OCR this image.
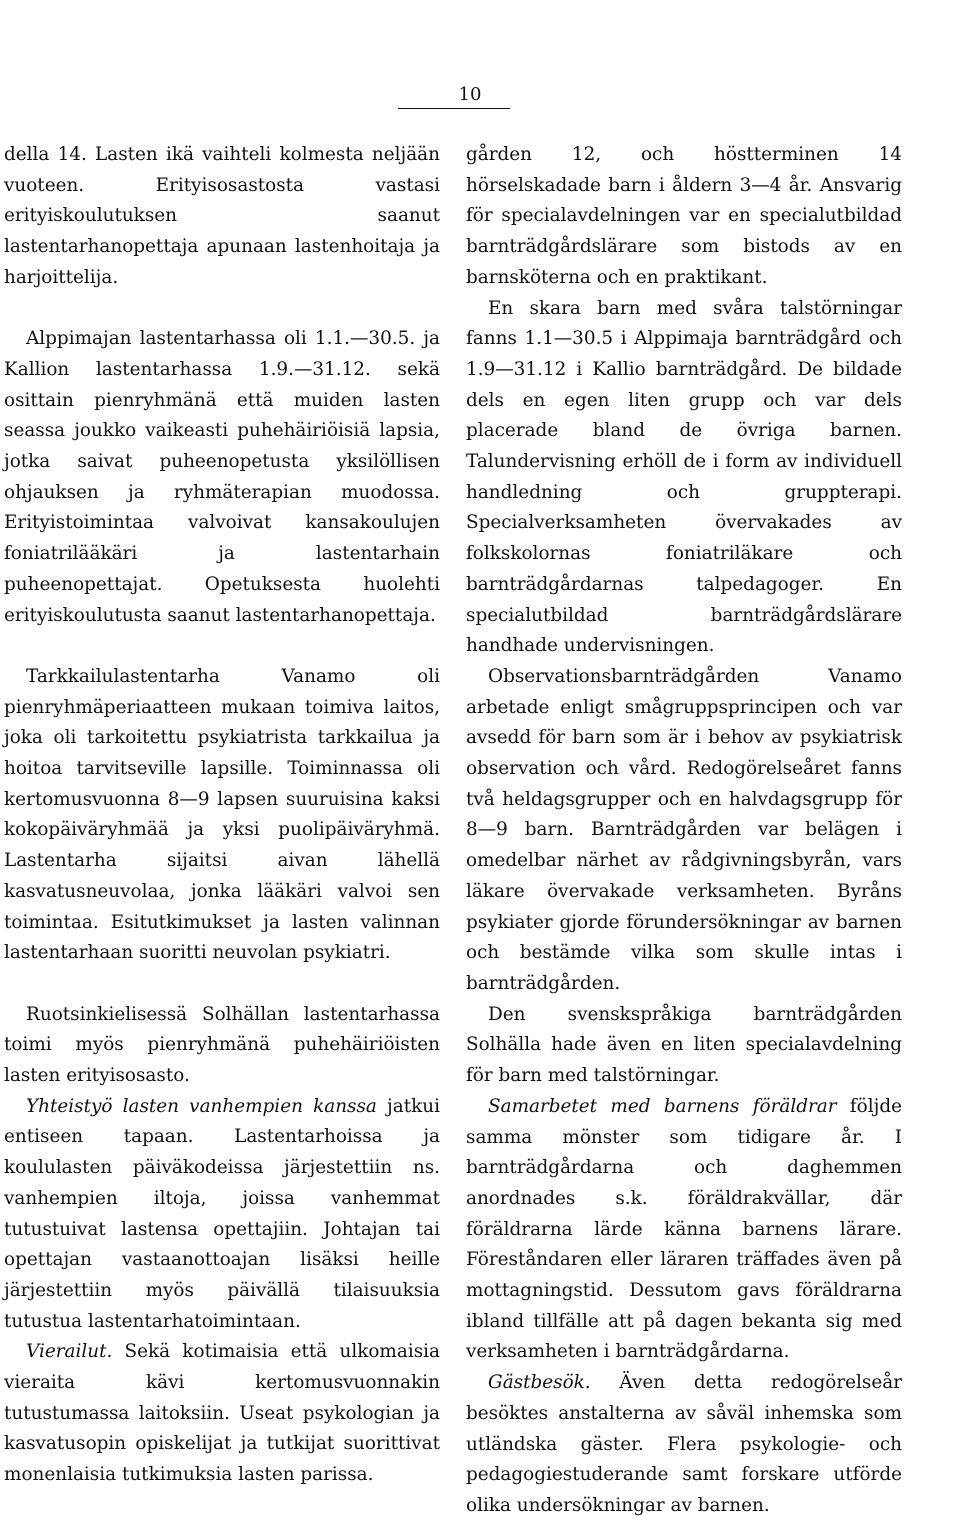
10

della 14. Lasten ikä vaihteli kolmesta neljään vuoteen. Erityisosastosta vastasi erityiskoulutuksen saanut lastentarhanopettaja apunaan lastenhoitaja ja harjoittelija.

Alppimajan lastentarhassa oli 1.1.—30.5. ja Kallion lastentarhassa 1.9.—31.12. sekä osittain pienryhmänä että muiden lasten seassa joukko vaikeasti puhehäiriöisiä lapsia, jotka saivat puheenopetusta yksilöllisen ohjauksen ja ryhmäterapian muodossa. Erityistoimintaa valvoivat kansakoulujen foniatrilääkäri ja lastentarhain puheenopettajat. Opetuksesta huolehti erityiskoulutusta saanut lastentarhanopettaja.

Tarkkailulastentarha Vanamo oli pienryhmäperiaatteen mukaan toimiva laitos, joka oli tarkoitettu psykiatrista tarkkailua ja hoitoa tarvitseville lapsille. Toiminnassa oli kertomusvuonna 8—9 lapsen suuruisina kaksi kokopäiväryhmää ja yksi puolipäiväryhmä. Lastentarha sijaitsi aivan lähellä kasvatusneuvolaa, jonka lääkäri valvoi sen toimintaa. Esitutkimukset ja lasten valinnan lastentarhaan suoritti neuvolan psykiatri.

Ruotsinkielisessä Solhällan lastentarhassa toimi myös pienryhmänä puhehäiriöisten lasten erityisosasto.

Yhteistyö lasten vanhempien kanssa jatkui entiseen tapaan. Lastentarhoissa ja koululasten päiväkodeissa järjestettiin ns. vanhempien iltoja, joissa vanhemmat tutustuivat lastensa opettajiin. Johtajan tai opettajan vastaanottoajan lisäksi heille järjestettiin myös päivällä tilaisuuksia tutustua lastentarhatoimintaan.

Vierailut. Sekä kotimaisia että ulkomaisia vieraita kävi kertomusvuonnakin tutustumassa laitoksiin. Useat psykologian ja kasvatusopin opiskelijat ja tutkijat suorittivat monenlaisia tutkimuksia lasten parissa.

gården 12, och höstterminen 14 hörselskadade barn i åldern 3—4 år. Ansvarig för specialavdelningen var en specialutbildad barnträdgårdslärare som bistods av en barnsköterna och en praktikant.

En skara barn med svåra talstörningar fanns 1.1—30.5 i Alppimaja barnträdgård och 1.9—31.12 i Kallio barnträdgård. De bildade dels en egen liten grupp och var dels placerade bland de övriga barnen. Talundervisning erhöll de i form av individuell handledning och gruppterapi. Specialverksamheten övervakades av folkskolornas foniatriläkare och barnträdgårdarnas talpedagoger. En specialutbildad barnträdgårdslärare handhade undervisningen.

Observationsbarnträdgården Vanamo arbetade enligt smågruppsprincipen och var avsedd för barn som är i behov av psykiatrisk observation och vård. Redogörelseåret fanns två heldagsgrupper och en halvdagsgrupp för 8—9 barn. Barnträdgården var belägen i omedelbar närhet av rådgivningsbyrån, vars läkare övervakade verksamheten. Byråns psykiater gjorde förundersökningar av barnen och bestämde vilka som skulle intas i barnträdgården.

Den svenskspråkiga barnträdgården Solhälla hade även en liten specialavdelning för barn med talstörningar.

Samarbetet med barnens föräldrar följde samma mönster som tidigare år. I barnträdgårdarna och daghemmen anordnades s.k. föräldrakvällar, där föräldrarna lärde känna barnens lärare. Föreståndaren eller läraren träffades även på mottagningstid. Dessutom gavs föräldrarna ibland tillfälle att på dagen bekanta sig med verksamheten i barnträdgårdarna.

Gästbesök. Även detta redogörelseår besöktes anstalterna av såväl inhemska som utländska gäster. Flera psykologie- och pedagogiestuderande samt forskare utförde olika undersökningar av barnen.
